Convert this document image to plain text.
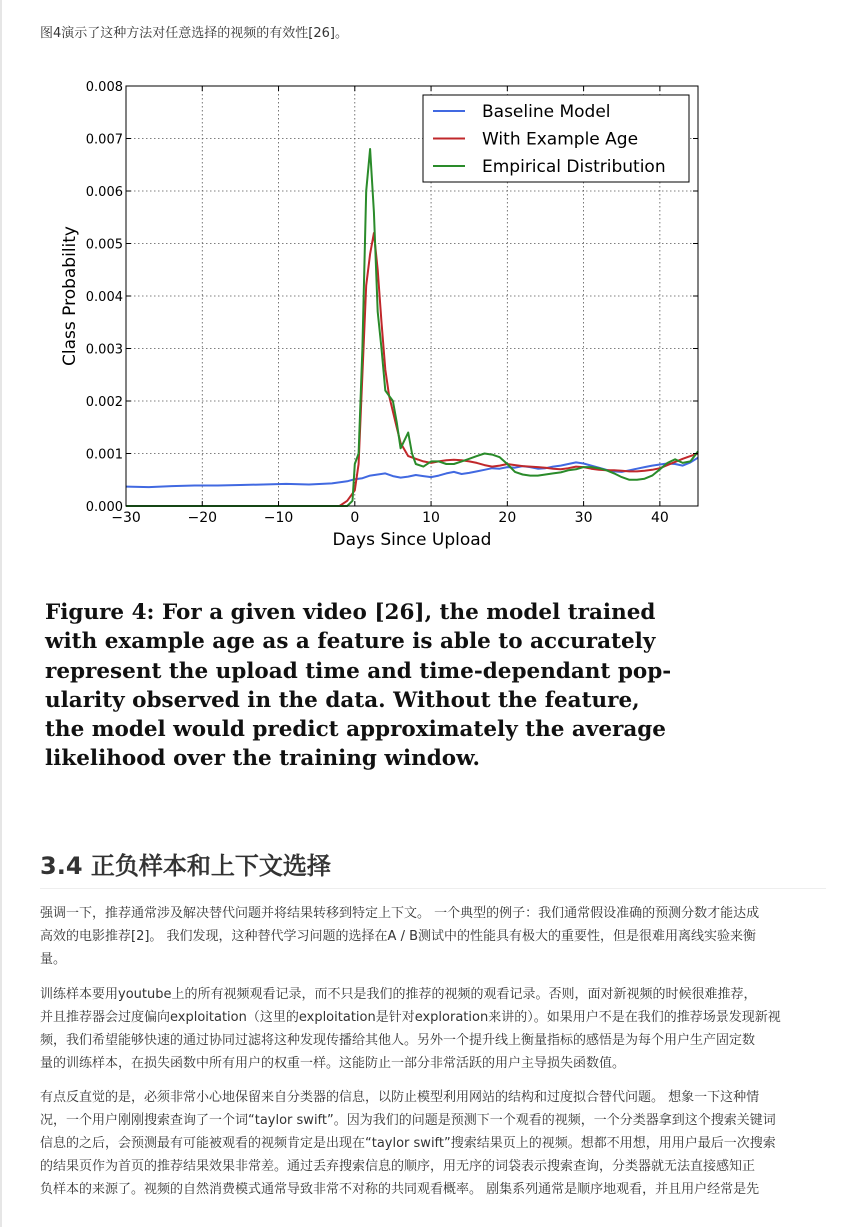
图4演示了这种方法对任意选择的视频的有效性[26]。
−30	−20	−10	0	10	20	30	40
0.000
0.001
0.002
0.003
0.004
0.005
0.006
0.007
0.008
Days Since Upload
Class Probability
Baseline Model
With Example Age
Empirical Distribution
Figure 4: For a given video [26], the model trained
with example age as a feature is able to accurately
represent the upload time and time-dependant pop-
ularity observed in the data. Without the feature,
the model would predict approximately the average
likelihood over the training window.
3.4 正负样本和上下文选择
强调一下，推荐通常涉及解决替代问题并将结果转移到特定上下文。 一个典型的例子：我们通常假设准确的预测分数才能达成
高效的电影推荐[2]。 我们发现，这种替代学习问题的选择在A / B测试中的性能具有极大的重要性，但是很难用离线实验来衡
量。
训练样本要用youtube上的所有视频观看记录，而不只是我们的推荐的视频的观看记录。否则，面对新视频的时候很难推荐，
并且推荐器会过度偏向exploitation（这里的exploitation是针对exploration来讲的）。如果用户不是在我们的推荐场景发现新视
频，我们希望能够快速的通过协同过滤将这种发现传播给其他人。另外一个提升线上衡量指标的感悟是为每个用户生产固定数
量的训练样本，在损失函数中所有用户的权重一样。这能防止一部分非常活跃的用户主导损失函数值。
有点反直觉的是，必须非常小心地保留来自分类器的信息，以防止模型利用网站的结构和过度拟合替代问题。 想象一下这种情
况，一个用户刚刚搜索查询了一个词“taylor swift”。因为我们的问题是预测下一个观看的视频，一个分类器拿到这个搜索关键词
信息的之后，会预测最有可能被观看的视频肯定是出现在“taylor swift”搜索结果页上的视频。想都不用想，用用户最后一次搜索
的结果页作为首页的推荐结果效果非常差。通过丢弃搜索信息的顺序，用无序的词袋表示搜索查询，分类器就无法直接感知正
负样本的来源了。视频的自然消费模式通常导致非常不对称的共同观看概率。 剧集系列通常是顺序地观看，并且用户经常是先
